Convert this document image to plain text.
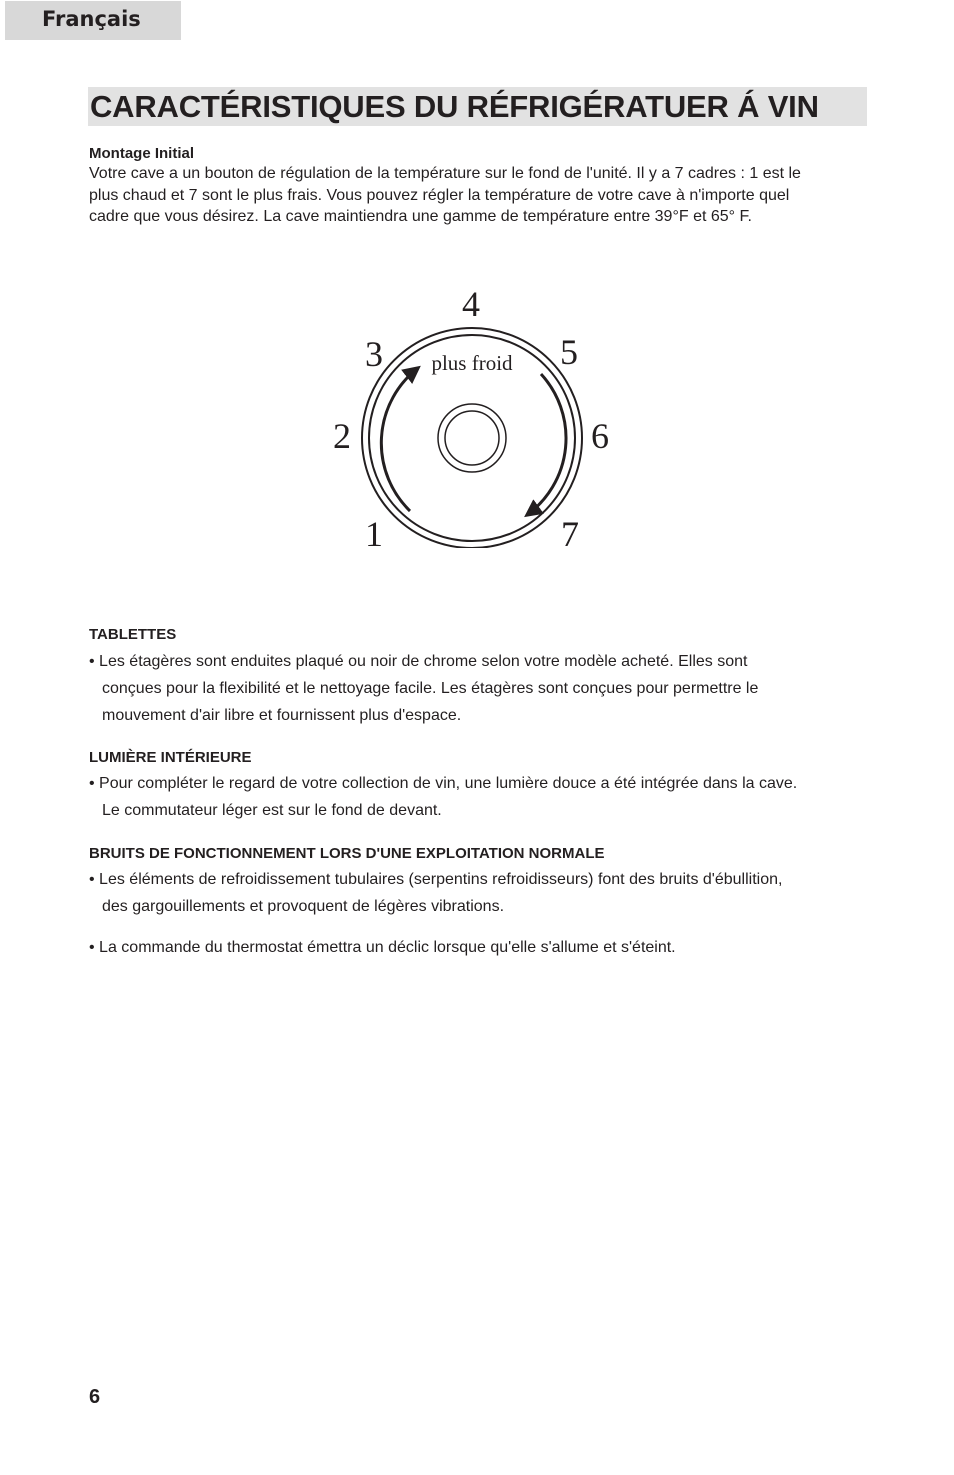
Français
CARACTÉRISTIQUES DU RÉFRIGÉRATUER Á VIN
Montage Initial
Votre cave a un bouton de régulation de la température sur le fond de l'unité. Il y a 7 cadres : 1 est le
plus chaud et 7 sont le plus frais. Vous pouvez régler la température de votre cave à n'importe quel
cadre que vous désirez. La cave maintiendra une gamme de température entre 39°F et 65° F.
plus froid
1
2
3
4
5
6
7
TABLETTES
• Les étagères sont enduites plaqué ou noir de chrome selon votre modèle acheté. Elles sont
conçues pour la flexibilité et le nettoyage facile. Les étagères sont conçues pour permettre le
mouvement d'air libre et fournissent plus d'espace.
LUMIÈRE INTÉRIEURE
• Pour compléter le regard de votre collection de vin, une lumière douce a été intégrée dans la cave.
Le commutateur léger est sur le fond de devant.
BRUITS DE FONCTIONNEMENT LORS D'UNE EXPLOITATION NORMALE
• Les éléments de refroidissement tubulaires (serpentins refroidisseurs) font des bruits d'ébullition,
des gargouillements et provoquent de légères vibrations.
• La commande du thermostat émettra un déclic lorsque qu'elle s'allume et s'éteint.
6
